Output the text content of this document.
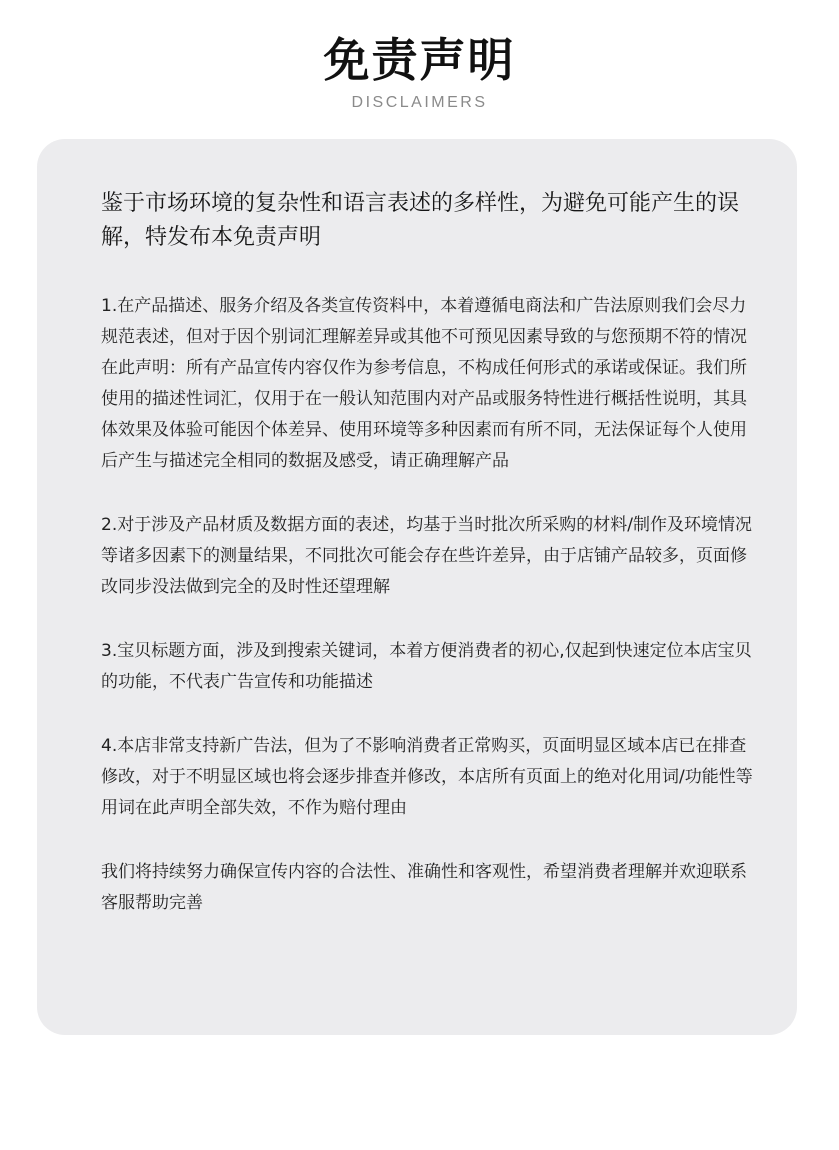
免责声明
DISCLAIMERS

鉴于市场环境的复杂性和语言表述的多样性，为避免可能产生的误解，特发布本免责声明

1.在产品描述、服务介绍及各类宣传资料中，本着遵循电商法和广告法原则我们会尽力规范表述，但对于因个别词汇理解差异或其他不可预见因素导致的与您预期不符的情况在此声明：所有产品宣传内容仅作为参考信息，不构成任何形式的承诺或保证。我们所使用的描述性词汇，仅用于在一般认知范围内对产品或服务特性进行概括性说明，其具体效果及体验可能因个体差异、使用环境等多种因素而有所不同，无法保证每个人使用后产生与描述完全相同的数据及感受，请正确理解产品

2.对于涉及产品材质及数据方面的表述，均基于当时批次所采购的材料/制作及环境情况等诸多因素下的测量结果，不同批次可能会存在些许差异，由于店铺产品较多，页面修改同步没法做到完全的及时性还望理解

3.宝贝标题方面，涉及到搜索关键词，本着方便消费者的初心,仅起到快速定位本店宝贝的功能，不代表广告宣传和功能描述

4.本店非常支持新广告法，但为了不影响消费者正常购买，页面明显区域本店已在排查修改，对于不明显区域也将会逐步排查并修改，本店所有页面上的绝对化用词/功能性等用词在此声明全部失效，不作为赔付理由

我们将持续努力确保宣传内容的合法性、准确性和客观性，希望消费者理解并欢迎联系客服帮助完善
